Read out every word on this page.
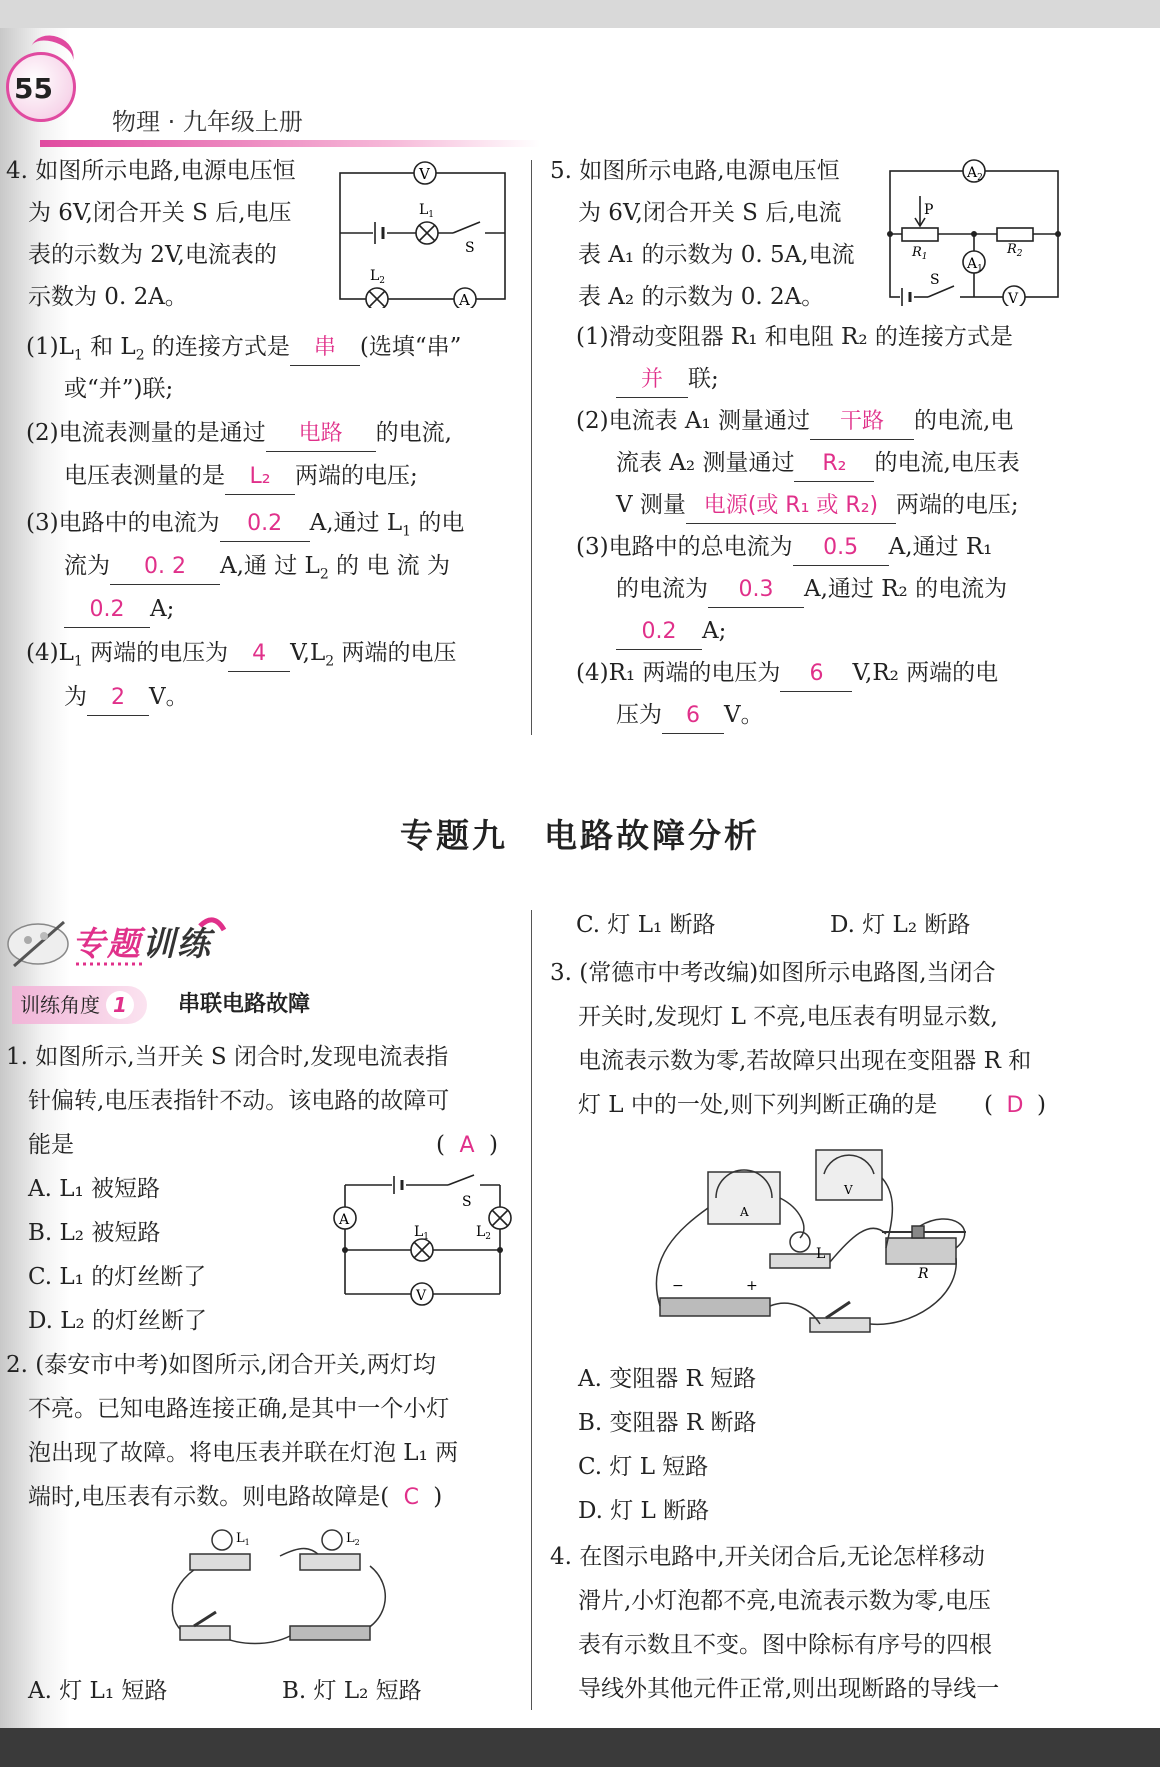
55
物理 · 九年级上册
4. 如图所示电路,电源电压恒
为 6V,闭合开关 S 后,电压
表的示数为 2V,电流表的
示数为 0. 2A。
V
A
$L_1$
$L_2$
S
$(1)L_1$ 和 $L_2$ 的连接方式是 串 (选填“串”
或“并”)联;
(2)电流表测量的是通过 电路 的电流,
电压表测量的是 L₂ 两端的电压;
(3)电路中的电流为 0.2 A,通过 $L_1$ 的电
流为 0. 2 A,通 过 $L_2$ 的 电 流 为
0.2 A;
$(4)L_1$ 两端的电压为 4 $V,L_2$ 两端的电压
为 2 V。
5. 如图所示电路,电源电压恒
为 6V,闭合开关 S 后,电流
表 A₁ 的示数为 0. 5A,电流
表 A₂ 的示数为 0. 2A。
$A_2$
$A_1$
V
P
$R_1$	$R_2$
S
(1)滑动变阻器 R₁ 和电阻 R₂ 的连接方式是
并 联;
(2)电流表 A₁ 测量通过 干路 的电流,电
流表 A₂ 测量通过 R₂ 的电流,电压表
V 测量 电源(或 R₁ 或 R₂) 两端的电压;
(3)电路中的总电流为 0.5 A,通过 R₁
的电流为 0.3 A,通过 R₂ 的电流为
0.2 A;
(4)R₁ 两端的电压为 6 V,R₂ 两端的电
压为 6 V。
专题九　电路故障分析
专题训练
训练角度 1	串联电路故障
1. 如图所示,当开关 S 闭合时,发现电流表指
针偏转,电压表指针不动。该电路的故障可
能是	( A )
A. L₁ 被短路
B. L₂ 被短路
C. L₁ 的灯丝断了
D. L₂ 的灯丝断了
A
V
$L_1$	$L_2$
S
2. (泰安市中考)如图所示,闭合开关,两灯均
不亮。已知电路连接正确,是其中一个小灯
泡出现了故障。将电压表并联在灯泡 L₁ 两
端时,电压表有示数。则电路故障是( C )
$L_1$	$L_2$
A. 灯 L₁ 短路	B. 灯 L₂ 短路
C. 灯 L₁ 断路	D. 灯 L₂ 断路
3. (常德市中考改编)如图所示电路图,当闭合
开关时,发现灯 L 不亮,电压表有明显示数,
电流表示数为零,若故障只出现在变阻器 R 和
灯 L 中的一处,则下列判断正确的是 ( D )
A
V
L
R
−	+
A. 变阻器 R 短路
B. 变阻器 R 断路
C. 灯 L 短路
D. 灯 L 断路
4. 在图示电路中,开关闭合后,无论怎样移动
滑片,小灯泡都不亮,电流表示数为零,电压
表有示数且不变。图中除标有序号的四根
导线外其他元件正常,则出现断路的导线一
